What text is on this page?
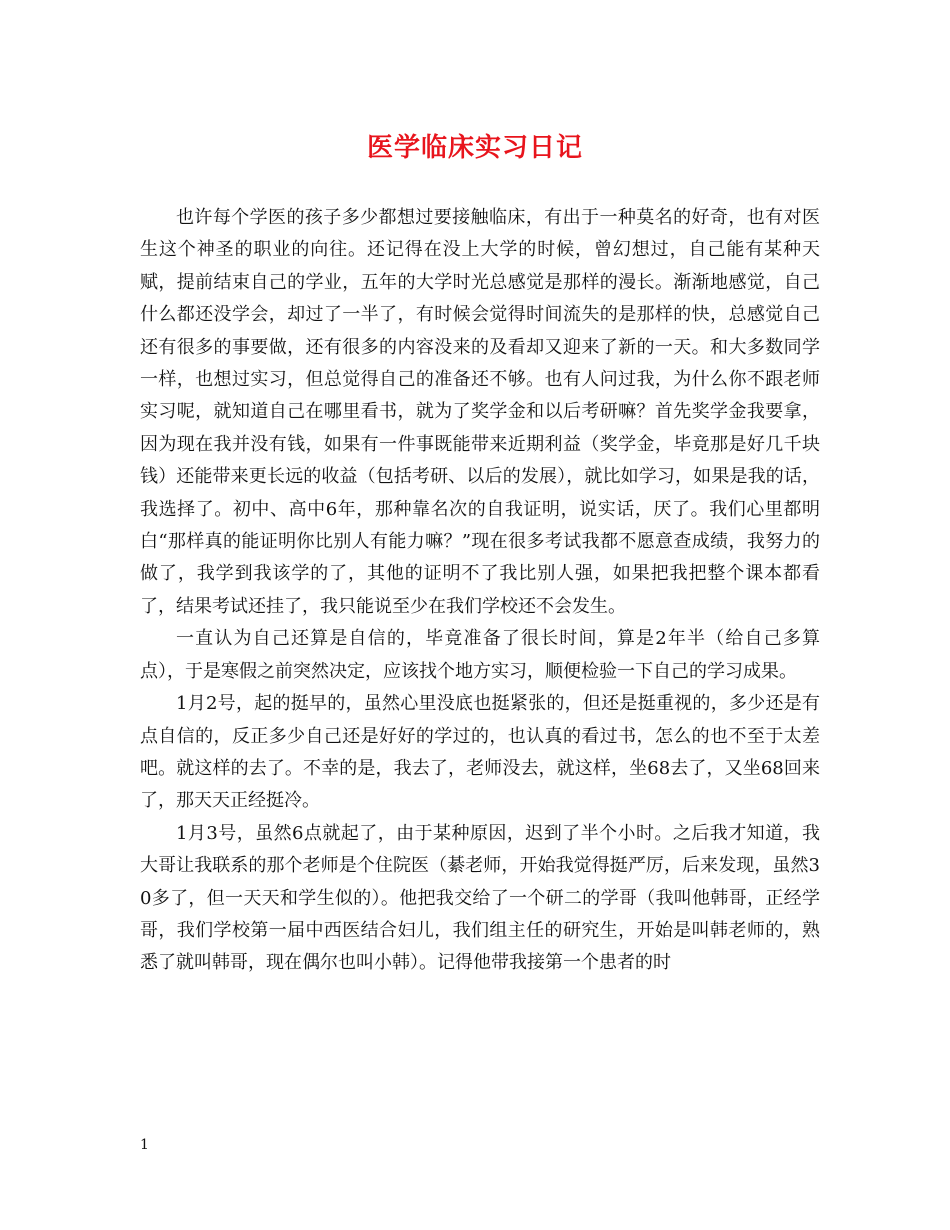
医学临床实习日记

也许每个学医的孩子多少都想过要接触临床，有出于一种莫名的好奇，也有对医生这个神圣的职业的向往。还记得在没上大学的时候，曾幻想过，自己能有某种天赋，提前结束自己的学业，五年的大学时光总感觉是那样的漫长。渐渐地感觉，自己什么都还没学会，却过了一半了，有时候会觉得时间流失的是那样的快，总感觉自己还有很多的事要做，还有很多的内容没来的及看却又迎来了新的一天。和大多数同学一样，也想过实习，但总觉得自己的准备还不够。也有人问过我，为什么你不跟老师实习呢，就知道自己在哪里看书，就为了奖学金和以后考研嘛？首先奖学金我要拿，因为现在我并没有钱，如果有一件事既能带来近期利益（奖学金，毕竟那是好几千块钱）还能带来更长远的收益（包括考研、以后的发展），就比如学习，如果是我的话，我选择了。初中、高中6年，那种靠名次的自我证明，说实话，厌了。我们心里都明白“那样真的能证明你比别人有能力嘛？”现在很多考试我都不愿意查成绩，我努力的做了，我学到我该学的了，其他的证明不了我比别人强，如果把我把整个课本都看了，结果考试还挂了，我只能说至少在我们学校还不会发生。

一直认为自己还算是自信的，毕竟准备了很长时间，算是2年半（给自己多算点），于是寒假之前突然决定，应该找个地方实习，顺便检验一下自己的学习成果。

1月2号，起的挺早的，虽然心里没底也挺紧张的，但还是挺重视的，多少还是有点自信的，反正多少自己还是好好的学过的，也认真的看过书，怎么的也不至于太差吧。就这样的去了。不幸的是，我去了，老师没去，就这样，坐68去了，又坐68回来了，那天天正经挺冷。

1月3号，虽然6点就起了，由于某种原因，迟到了半个小时。之后我才知道，我大哥让我联系的那个老师是个住院医（綦老师，开始我觉得挺严厉，后来发现，虽然30多了，但一天天和学生似的）。他把我交给了一个研二的学哥（我叫他韩哥，正经学哥，我们学校第一届中西医结合妇儿，我们组主任的研究生，开始是叫韩老师的，熟悉了就叫韩哥，现在偶尔也叫小韩）。记得他带我接第一个患者的时

1
